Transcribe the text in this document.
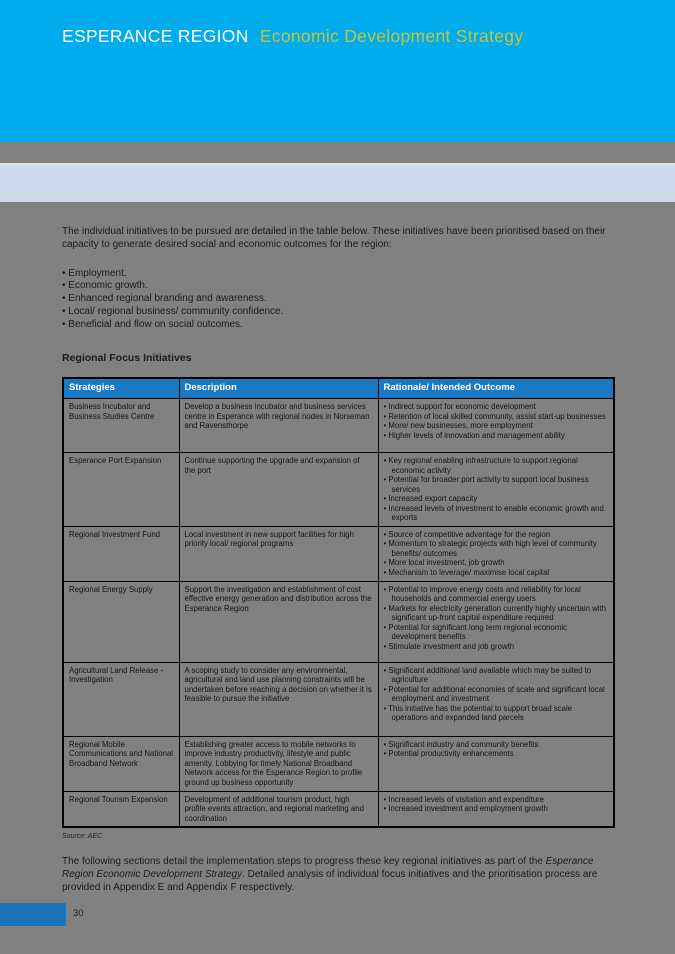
ESPERANCE REGION Economic Development Strategy

The individual initiatives to be pursued are detailed in the table below. These initiatives have been prioritised based on their capacity to generate desired social and economic outcomes for the region:

• Employment.
• Economic growth.
• Enhanced regional branding and awareness.
• Local/ regional business/ community confidence.
• Beneficial and flow on social outcomes.
Regional Focus Initiatives
Strategies	Description	Rationale/ Intended Outcome
Business Incubator and Business Studies Centre	Develop a business incubator and business services centre in Esperance with regional nodes in Norseman and Ravensthorpe	• Indirect support for economic development
• Retention of local skilled community, assist start-up businesses
• More/ new businesses, more employment
• Higher levels of innovation and management ability

Esperance Port Expansion	Continue supporting the upgrade and expansion of the port	• Key regional enabling infrastructure to support regional economic activity
• Potential for broader port activity to support local business services
• Increased export capacity
• Increased levels of investment to enable economic growth and exports

Regional Investment Fund	Local investment in new support facilities for high priority local/ regional programs	• Source of competitive advantage for the region
• Momentum to strategic projects with high level of community benefits/ outcomes
• More local investment, job growth
• Mechanism to leverage/ maximise local capital

Regional Energy Supply	Support the investigation and establishment of cost effective energy generation and distribution across the Esperance Region	• Potential to improve energy costs and reliability for local households and commercial energy users
• Markets for electricity generation currently highly uncertain with significant up-front capital expenditure required
• Potential for significant long term regional economic development benefits
• Stimulate investment and job growth

Agricultural Land Release - Investigation	A scoping study to consider any environmental, agricultural and land use planning constraints will be undertaken before reaching a decision on whether it is feasible to pursue the initiative	• Significant additional land available which may be suited to agriculture
• Potential for additional economies of scale and significant local employment and investment
• This initiative has the potential to support broad scale operations and expanded land parcels

Regional Mobile Communications and National Broadband Network	Establishing greater access to mobile networks to improve industry productivity, lifestyle and public amenity. Lobbying for timely National Broadband Network access for the Esperance Region to profile ground up business opportunity	• Significant industry and community benefits
• Potential productivity enhancements

Regional Tourism Expansion	Development of additional tourism product, high profile events attraction, and regional marketing and coordination	• Increased levels of visitation and expenditure
• Increased investment and employment growth
Source: AEC

The following sections detail the implementation steps to progress these key regional initiatives as part of the Esperance Region Economic Development Strategy. Detailed analysis of individual focus initiatives and the prioritisation process are provided in Appendix E and Appendix F respectively.

30
